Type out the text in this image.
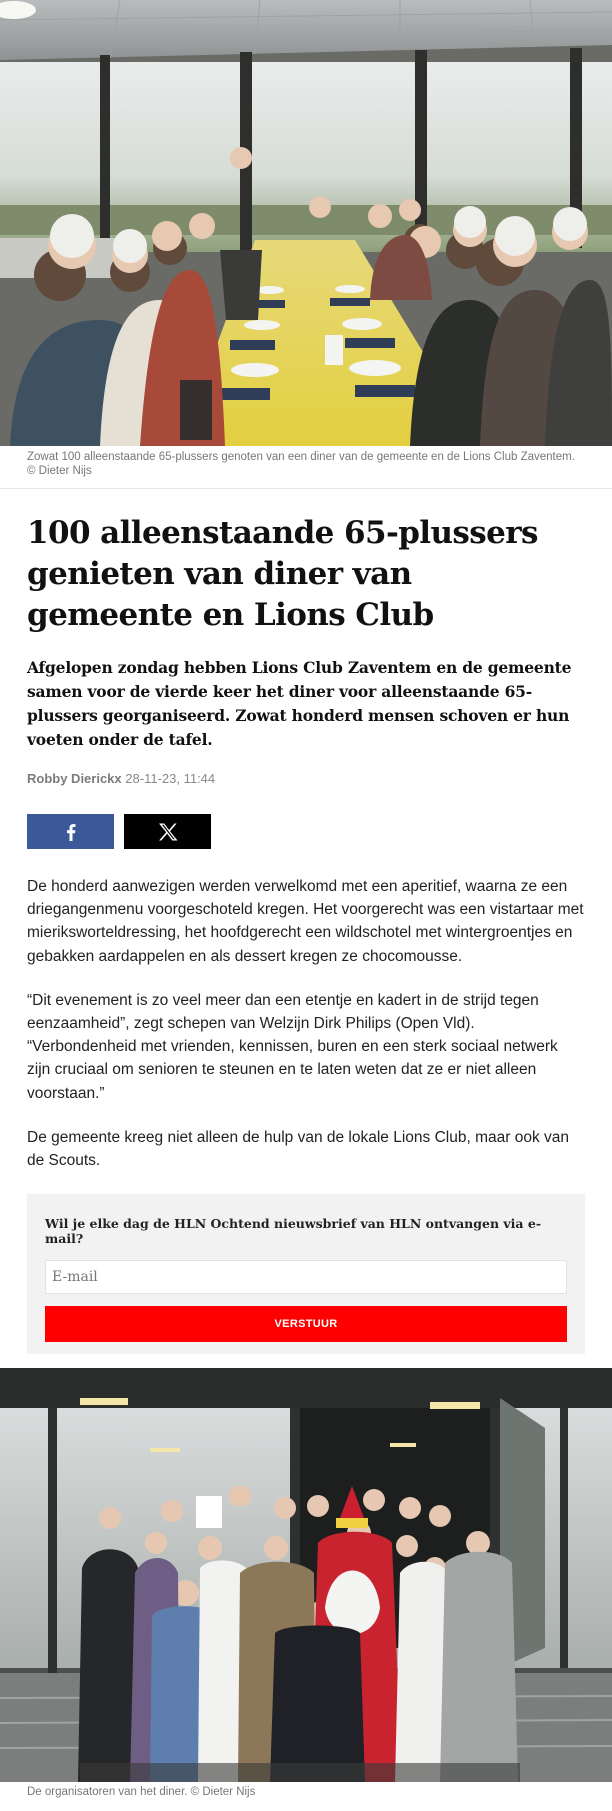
Zowat 100 alleenstaande 65-plussers genoten van een diner van de gemeente en de Lions Club Zaventem. © Dieter Nijs
100 alleenstaande 65-plussers genieten van diner van gemeente en Lions Club

Afgelopen zondag hebben Lions Club Zaventem en de gemeente samen voor de vierde keer het diner voor alleenstaande 65-plussers georganiseerd. Zowat honderd mensen schoven er hun voeten onder de tafel.

Robby Dierickx 28-11-23, 11:44

De honderd aanwezigen werden verwelkomd met een aperitief, waarna ze een driegangenmenu voorgeschoteld kregen. Het voorgerecht was een vistartaar met mieriksworteldressing, het hoofdgerecht een wildschotel met wintergroentjes en gebakken aardappelen en als dessert kregen ze chocomousse.

“Dit evenement is zo veel meer dan een etentje en kadert in de strijd tegen eenzaamheid”, zegt schepen van Welzijn Dirk Philips (Open Vld). “Verbondenheid met vrienden, kennissen, buren en een sterk sociaal netwerk zijn cruciaal om senioren te steunen en te laten weten dat ze er niet alleen voorstaan.”

De gemeente kreeg niet alleen de hulp van de lokale Lions Club, maar ook van de Scouts.

Wil je elke dag de HLN Ochtend nieuwsbrief van HLN ontvangen via e-mail?
E-mail VERSTUUR
De organisatoren van het diner. © Dieter Nijs
